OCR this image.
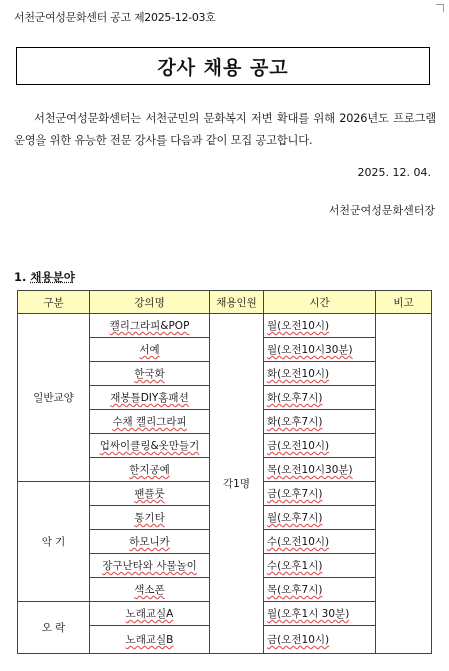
서천군여성문화센터 공고 제2025-12-03호
강사 채용 공고
서천군여성문화센터는 서천군민의 문화복지 저변 확대를 위해 2026년도 프로그램 운영을 위한 유능한 전문 강사를 다음과 같이 모집 공고합니다.
2025. 12. 04.
서천군여성문화센터장
1. 채용분야
구분	강의명	채용인원	시간	비고
일반교양	캘리그라피&POP	각1명	월(오전10시)	
	서예		월(오전10시30분)	
	한국화		화(오전10시)	
	재봉틀DIY홈패션		화(오후7시)	
	수채 캘리그라피		화(오후7시)	
	업싸이클링&옷만들기		금(오전10시)	
	한지공예		목(오전10시30분)	
악 기	팬플룻		금(오후7시)	
	통기타		월(오후7시)	
	하모니카		수(오전10시)	
	장구난타와 사물놀이		수(오후1시)	
	색소폰		목(오후7시)	
오 락	노래교실A		월(오후1시 30분)	
	노래교실B		금(오전10시)	
